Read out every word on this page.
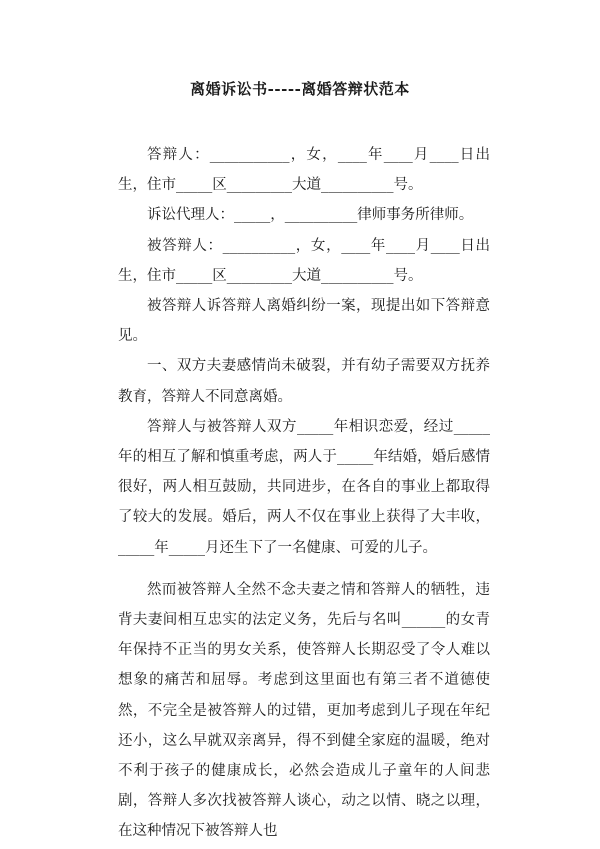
离婚诉讼书-----离婚答辩状范本

答辩人：___________，女，____年____月____日出生，住市_____区_________大道__________号。

诉讼代理人：_____，__________律师事务所律师。

被答辩人：__________，女，____年____月____日出生，住市_____区_________大道__________号。

被答辩人诉答辩人离婚纠纷一案，现提出如下答辩意见。

一、双方夫妻感情尚未破裂，并有幼子需要双方抚养教育，答辩人不同意离婚。

答辩人与被答辩人双方_____年相识恋爱，经过_____年的相互了解和慎重考虑，两人于_____年结婚，婚后感情很好，两人相互鼓励，共同进步，在各自的事业上都取得了较大的发展。婚后，两人不仅在事业上获得了大丰收，_____年_____月还生下了一名健康、可爱的儿子。

然而被答辩人全然不念夫妻之情和答辩人的牺牲，违背夫妻间相互忠实的法定义务，先后与名叫______的女青年保持不正当的男女关系，使答辩人长期忍受了令人难以想象的痛苦和屈辱。考虑到这里面也有第三者不道德使然，不完全是被答辩人的过错，更加考虑到儿子现在年纪还小，这么早就双亲离异，得不到健全家庭的温暖，绝对不利于孩子的健康成长，必然会造成儿子童年的人间悲剧，答辩人多次找被答辩人谈心，动之以情、晓之以理，在这种情况下被答辩人也
